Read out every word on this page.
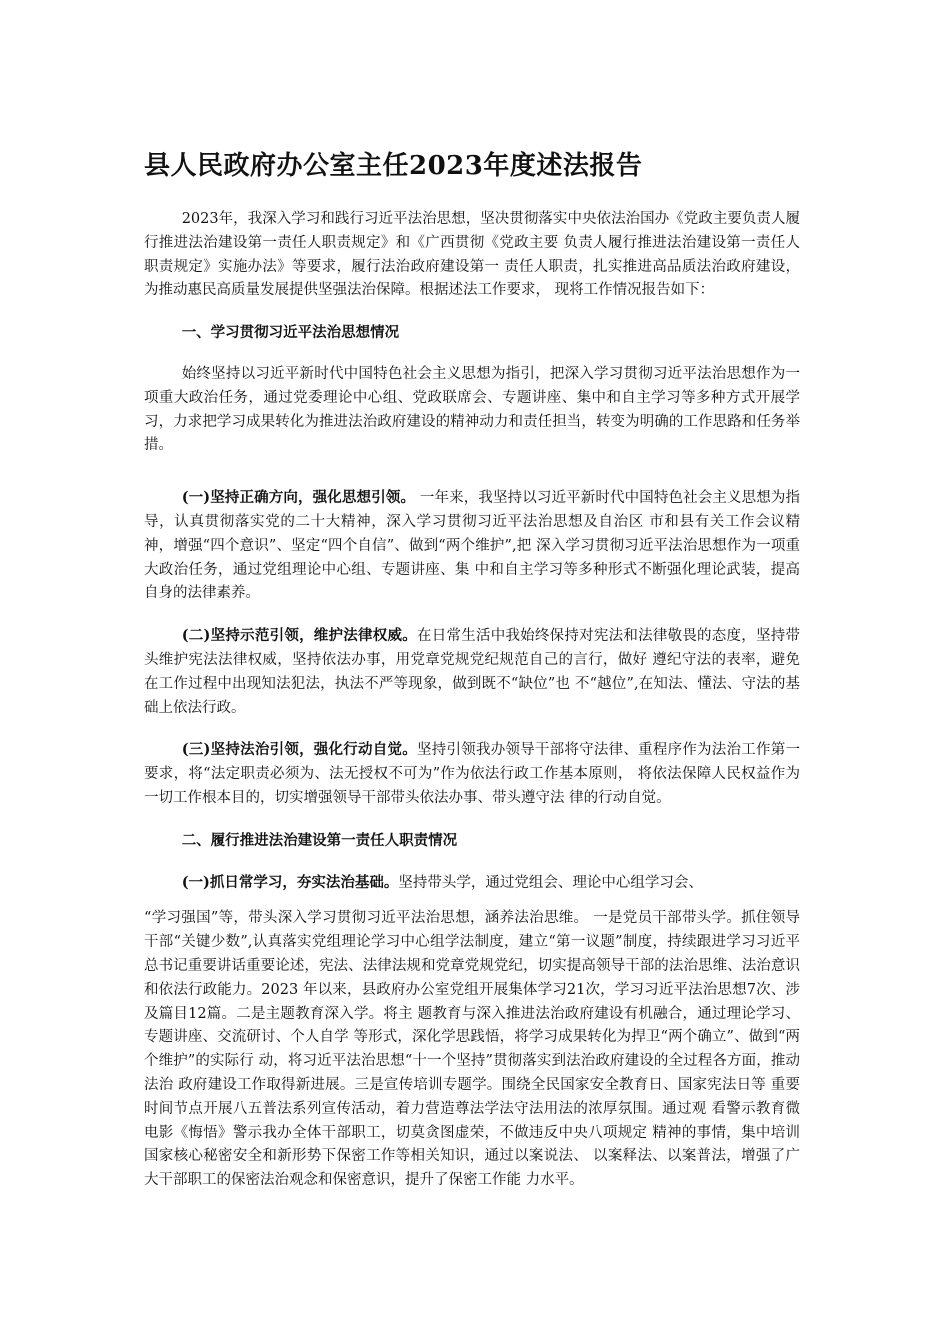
县人民政府办公室主任2023年度述法报告

2023年，我深入学习和践行习近平法治思想，坚决贯彻落实中央依法治国办《党政主要负责人履行推进法治建设第一责任人职责规定》和《广西贯彻《党政主要 负责人履行推进法治建设第一责任人职责规定》实施办法》等要求，履行法治政府建设第一 责任人职责，扎实推进高品质法治政府建设，为推动惠民高质量发展提供坚强法治保障。根据述法工作要求， 现将工作情况报告如下：

一、学习贯彻习近平法治思想情况

始终坚持以习近平新时代中国特色社会主义思想为指引，把深入学习贯彻习近平法治思想作为一项重大政治任务，通过党委理论中心组、党政联席会、专题讲座、集中和自主学习等多种方式开展学习，力求把学习成果转化为推进法治政府建设的精神动力和责任担当，转变为明确的工作思路和任务举措。

(一)坚持正确方向，强化思想引领。 一年来，我坚持以习近平新时代中国特色社会主义思想为指导，认真贯彻落实党的二十大精神，深入学习贯彻习近平法治思想及自治区 市和县有关工作会议精神，增强“四个意识”、坚定“四个自信”、做到“两个维护”,把 深入学习贯彻习近平法治思想作为一项重大政治任务，通过党组理论中心组、专题讲座、集 中和自主学习等多种形式不断强化理论武装，提高自身的法律素养。

(二)坚持示范引领，维护法律权威。在日常生活中我始终保持对宪法和法律敬畏的态度，坚持带头维护宪法法律权威，坚持依法办事，用党章党规党纪规范自己的言行，做好 遵纪守法的表率，避免在工作过程中出现知法犯法，执法不严等现象，做到既不“缺位”也 不“越位”,在知法、懂法、守法的基础上依法行政。

(三)坚持法治引领，强化行动自觉。坚持引领我办领导干部将守法律、重程序作为法治工作第一要求，将“法定职责必须为、法无授权不可为”作为依法行政工作基本原则， 将依法保障人民权益作为一切工作根本目的，切实增强领导干部带头依法办事、带头遵守法 律的行动自觉。

二、履行推进法治建设第一责任人职责情况

(一)抓日常学习，夯实法治基础。坚持带头学，通过党组会、理论中心组学习会、

“学习强国”等，带头深入学习贯彻习近平法治思想，涵养法治思维。 一是党员干部带头学。抓住领导干部“关键少数”,认真落实党组理论学习中心组学法制度，建立“第一议题”制度，持续跟进学习习近平总书记重要讲话重要论述，宪法、法律法规和党章党规党纪，切实提高领导干部的法治思维、法治意识和依法行政能力。2023 年以来，县政府办公室党组开展集体学习21次，学习习近平法治思想7次、涉及篇目12篇。二是主题教育深入学。将主 题教育与深入推进法治政府建设有机融合，通过理论学习、专题讲座、交流研讨、个人自学 等形式，深化学思践悟，将学习成果转化为捍卫“两个确立”、做到“两个维护”的实际行 动，将习近平法治思想“十一个坚持”贯彻落实到法治政府建设的全过程各方面，推动法治 政府建设工作取得新进展。三是宣传培训专题学。围绕全民国家安全教育日、国家宪法日等 重要时间节点开展八五普法系列宣传活动，着力营造尊法学法守法用法的浓厚氛围。通过观 看警示教育微电影《悔悟》警示我办全体干部职工，切莫贪图虚荣，不做违反中央八项规定 精神的事情，集中培训国家核心秘密安全和新形势下保密工作等相关知识，通过以案说法、 以案释法、以案普法，增强了广大干部职工的保密法治观念和保密意识，提升了保密工作能 力水平。
